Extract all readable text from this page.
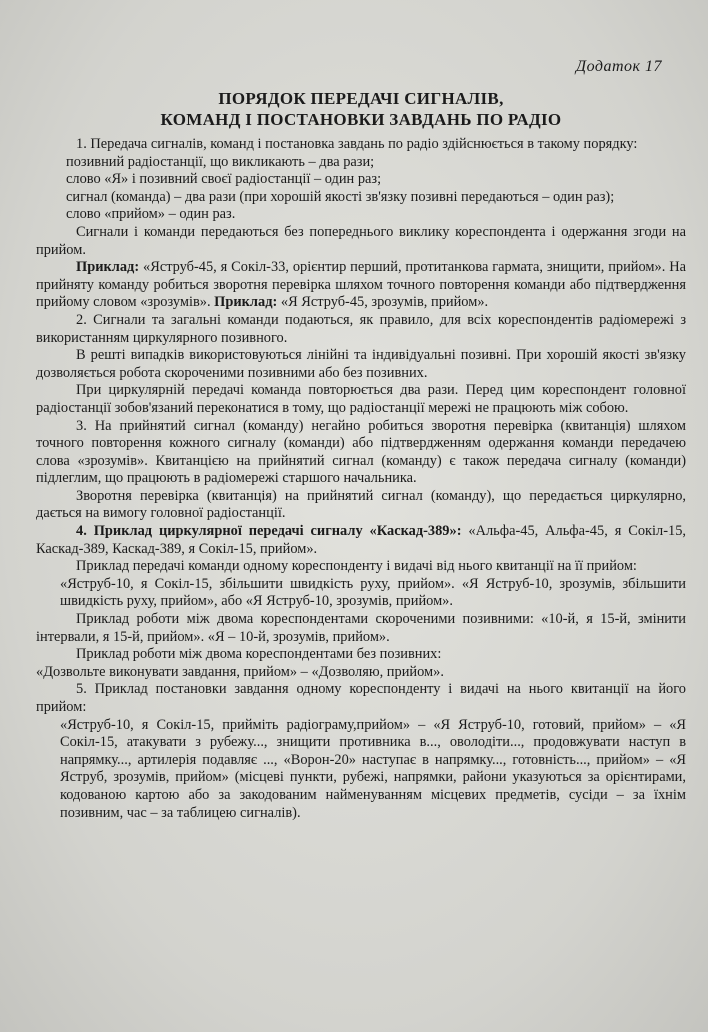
Додаток 17
ПОРЯДОК ПЕРЕДАЧІ СИГНАЛІВ,
КОМАНД І ПОСТАНОВКИ ЗАВДАНЬ ПО РАДІО

1. Передача сигналів, команд і постановка завдань по радіо здійснюється в такому порядку:

позивний радіостанції, що викликають – два рази;

слово «Я» і позивний своєї радіостанції – один раз;

сигнал (команда) – два рази (при хорошій якості зв'язку позивні передаються – один раз);

слово «прийом» – один раз.

Сигнали і команди передаються без попереднього виклику кореспондента і одержання згоди на прийом.

Приклад: «Яструб-45, я Сокіл-33, орієнтир перший, протитанкова гармата, знищити, прийом». На прийняту команду робиться зворотня перевірка шляхом точного повторення команди або підтвердження прийому словом «зрозумів». Приклад: «Я Яструб-45, зрозумів, прийом».

2. Сигнали та загальні команди подаються, як правило, для всіх кореспондентів радіомережі з використанням циркулярного позивного.

В решті випадків використовуються лінійні та індивідуальні позивні. При хорошій якості зв'язку дозволяється робота скороченими позивними або без позивних.

При циркулярній передачі команда повторюється два рази. Перед цим кореспондент головної радіостанції зобов'язаний переконатися в тому, що радіостанції мережі не працюють між собою.

3. На прийнятий сигнал (команду) негайно робиться зворотня перевірка (квитанція) шляхом точного повторення кожного сигналу (команди) або підтвердженням одержання команди передачею слова «зрозумів». Квитанцією на прийнятий сигнал (команду) є також передача сигналу (команди) підлеглим, що працюють в радіомережі старшого начальника.

Зворотня перевірка (квитанція) на прийнятий сигнал (команду), що передається циркулярно, дається на вимогу головної радіостанції.

4. Приклад циркулярної передачі сигналу «Каскад-389»: «Альфа-45, Альфа-45, я Сокіл-15, Каскад-389, Каскад-389, я Сокіл-15, прийом».

Приклад передачі команди одному кореспонденту і видачі від нього квитанції на її прийом:

«Яструб-10, я Сокіл-15, збільшити швидкість руху, прийом». «Я Яструб-10, зрозумів, збільшити швидкість руху, прийом», або «Я Яструб-10, зрозумів, прийом».

Приклад роботи між двома кореспондентами скороченими позивними: «10-й, я 15-й, змінити інтервали, я 15-й, прийом». «Я – 10-й, зрозумів, прийом».

Приклад роботи між двома кореспондентами без позивних:

«Дозвольте виконувати завдання, прийом» – «Дозволяю, прийом».

5. Приклад постановки завдання одному кореспонденту і видачі на нього квитанції на його прийом:

«Яструб-10, я Сокіл-15, прийміть радіограму,прийом» – «Я Яструб-10, готовий, прийом» – «Я Сокіл-15, атакувати з рубежу..., знищити противника в..., оволодіти..., продовжувати наступ в напрямку..., артилерія подавляє ..., «Ворон-20» наступає в напрямку..., готовність..., прийом» – «Я Яструб, зрозумів, прийом» (місцеві пункти, рубежі, напрямки, райони указуються за орієнтирами, кодованою картою або за закодованим найменуванням місцевих предметів, сусіди – за їхнім позивним, час – за таблицею сигналів).
